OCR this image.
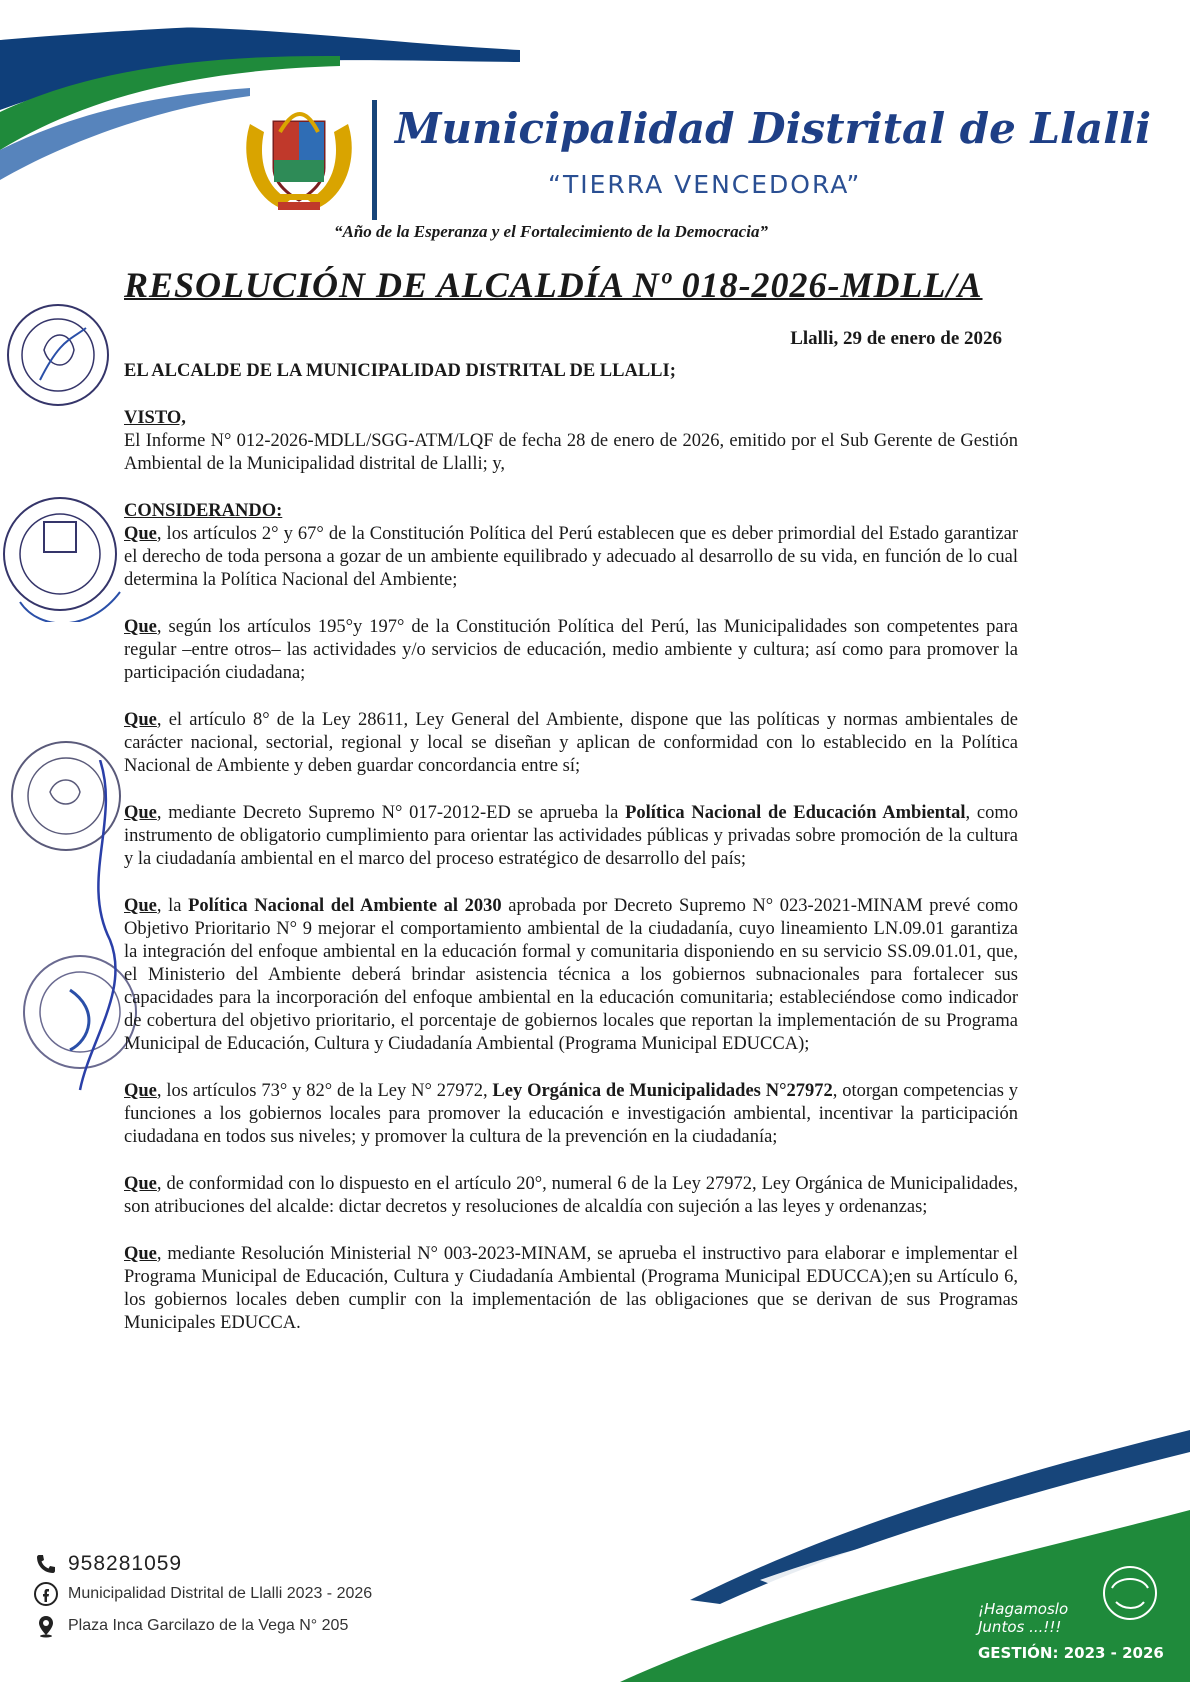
Municipalidad Distrital de Llalli
“TIERRA VENCEDORA”
“Año de la Esperanza y el Fortalecimiento de la Democracia”
RESOLUCIÓN DE ALCALDÍA Nº 018-2026-MDLL/A
Llalli, 29 de enero de 2026

EL ALCALDE DE LA MUNICIPALIDAD DISTRITAL DE LLALLI;

VISTO,

El Informe N° 012-2026-MDLL/SGG-ATM/LQF de fecha 28 de enero de 2026, emitido por el Sub Gerente de Gestión Ambiental de la Municipalidad distrital de Llalli; y,

CONSIDERANDO:

Que, los artículos 2° y 67° de la Constitución Política del Perú establecen que es deber primordial del Estado garantizar el derecho de toda persona a gozar de un ambiente equilibrado y adecuado al desarrollo de su vida, en función de lo cual determina la Política Nacional del Ambiente;

Que, según los artículos 195°y 197° de la Constitución Política del Perú, las Municipalidades son competentes para regular –entre otros– las actividades y/o servicios de educación, medio ambiente y cultura; así como para promover la participación ciudadana;

Que, el artículo 8° de la Ley 28611, Ley General del Ambiente, dispone que las políticas y normas ambientales de carácter nacional, sectorial, regional y local se diseñan y aplican de conformidad con lo establecido en la Política Nacional de Ambiente y deben guardar concordancia entre sí;

Que, mediante Decreto Supremo N° 017-2012-ED se aprueba la Política Nacional de Educación Ambiental, como instrumento de obligatorio cumplimiento para orientar las actividades públicas y privadas sobre promoción de la cultura y la ciudadanía ambiental en el marco del proceso estratégico de desarrollo del país;

Que, la Política Nacional del Ambiente al 2030 aprobada por Decreto Supremo N° 023-2021-MINAM prevé como Objetivo Prioritario N° 9 mejorar el comportamiento ambiental de la ciudadanía, cuyo lineamiento LN.09.01 garantiza la integración del enfoque ambiental en la educación formal y comunitaria disponiendo en su servicio SS.09.01.01, que, el Ministerio del Ambiente deberá brindar asistencia técnica a los gobiernos subnacionales para fortalecer sus capacidades para la incorporación del enfoque ambiental en la educación comunitaria; estableciéndose como indicador de cobertura del objetivo prioritario, el porcentaje de gobiernos locales que reportan la implementación de su Programa Municipal de Educación, Cultura y Ciudadanía Ambiental (Programa Municipal EDUCCA);

Que, los artículos 73° y 82° de la Ley N° 27972, Ley Orgánica de Municipalidades N°27972, otorgan competencias y funciones a los gobiernos locales para promover la educación e investigación ambiental, incentivar la participación ciudadana en todos sus niveles; y promover la cultura de la prevención en la ciudadanía;

Que, de conformidad con lo dispuesto en el artículo 20°, numeral 6 de la Ley 27972, Ley Orgánica de Municipalidades, son atribuciones del alcalde: dictar decretos y resoluciones de alcaldía con sujeción a las leyes y ordenanzas;

Que, mediante Resolución Ministerial N° 003-2023-MINAM, se aprueba el instructivo para elaborar e implementar el Programa Municipal de Educación, Cultura y Ciudadanía Ambiental (Programa Municipal EDUCCA);en su Artículo 6, los gobiernos locales deben cumplir con la implementación de las obligaciones que se derivan de sus Programas Municipales EDUCCA.

958281059
Municipalidad Distrital de Llalli 2023 - 2026
Plaza Inca Garcilazo de la Vega N° 205
¡Hagamoslo
Juntos ...!!!
GESTIÓN: 2023 - 2026
